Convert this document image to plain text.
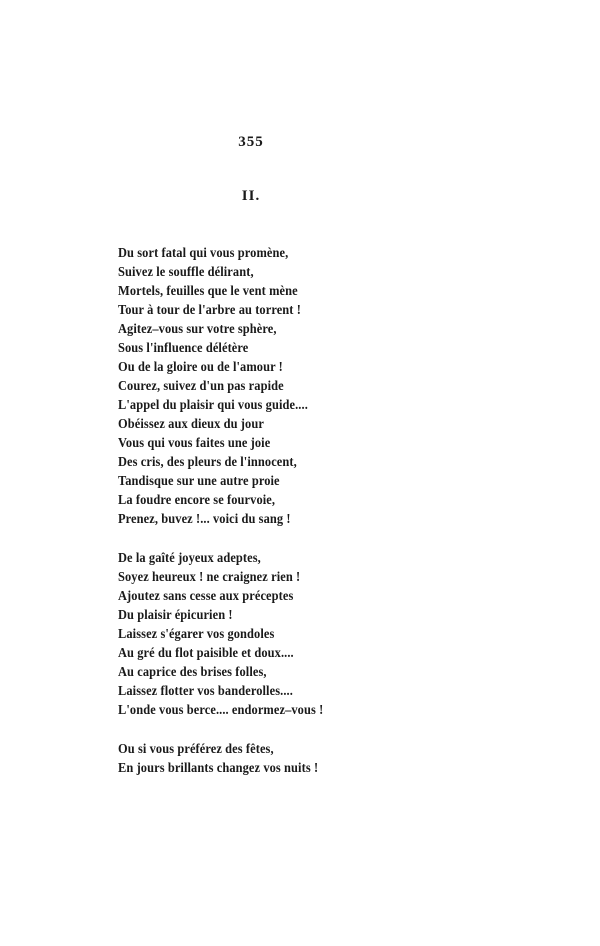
355
II.
Du sort fatal qui vous promène,
Suivez le souffle délirant,
Mortels, feuilles que le vent mène
Tour à tour de l'arbre au torrent !
Agitez–vous sur votre sphère,
Sous l'influence délétère
Ou de la gloire ou de l'amour !
Courez, suivez d'un pas rapide
L'appel du plaisir qui vous guide....
Obéissez aux dieux du jour
Vous qui vous faites une joie
Des cris, des pleurs de l'innocent,
Tandisque sur une autre proie
La foudre encore se fourvoie,
Prenez, buvez !... voici du sang !
De la gaîté joyeux adeptes,
Soyez heureux ! ne craignez rien !
Ajoutez sans cesse aux préceptes
Du plaisir épicurien !
Laissez s'égarer vos gondoles
Au gré du flot paisible et doux....
Au caprice des brises folles,
Laissez flotter vos banderolles....
L'onde vous berce.... endormez–vous !
Ou si vous préférez des fêtes,
En jours brillants changez vos nuits !
